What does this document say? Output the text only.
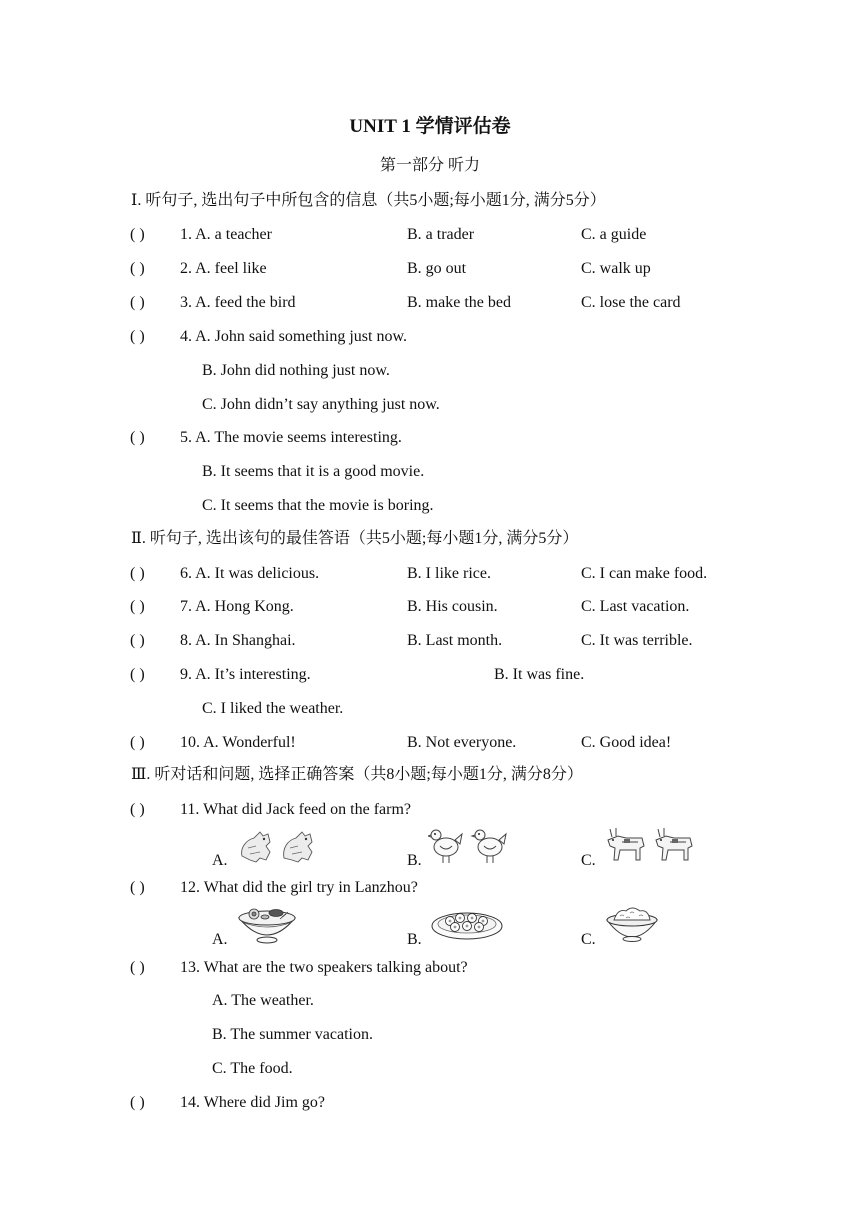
UNIT 1 学情评估卷
第一部分 听力
Ⅰ. 听句子, 选出句子中所包含的信息（共5小题;每小题1分, 满分5分）
( ) 1. A. a teacher	B. a trader	C. a guide
( ) 2. A. feel like	B. go out	C. walk up
( ) 3. A. feed the bird	B. make the bed	C. lose the card
( ) 4. A. John said something just now.
B. John did nothing just now.
C. John didn’t say anything just now.
( ) 5. A. The movie seems interesting.
B. It seems that it is a good movie.
C. It seems that the movie is boring.
Ⅱ. 听句子, 选出该句的最佳答语（共5小题;每小题1分, 满分5分）
( ) 6. A. It was delicious.	B. I like rice.	C. I can make food.
( ) 7. A. Hong Kong.	B. His cousin.	C. Last vacation.
( ) 8. A. In Shanghai.	B. Last month.	C. It was terrible.
( ) 9. A. It’s interesting.	B. It was fine.
C. I liked the weather.
( ) 10. A. Wonderful!	B. Not everyone.	C. Good idea!
Ⅲ. 听对话和问题, 选择正确答案（共8小题;每小题1分, 满分8分）
( ) 11. What did Jack feed on the farm?
A.	B.	C.
( ) 12. What did the girl try in Lanzhou?
A.	B.	C.
( ) 13. What are the two speakers talking about?
A. The weather.
B. The summer vacation.
C. The food.
( ) 14. Where did Jim go?
